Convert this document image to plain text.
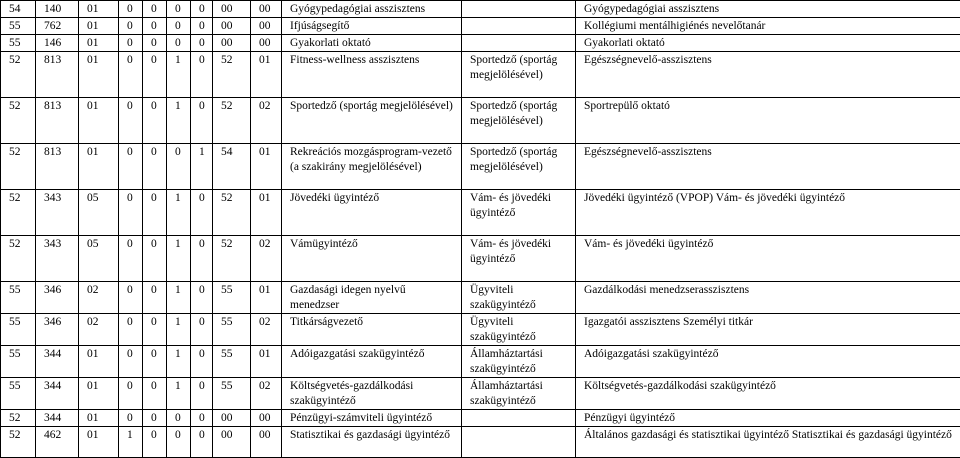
54	140	01	0	0	0	0	00	00	Gyógypedagógiai asszisztens		Gyógypedagógiai asszisztens
55	762	01	0	0	0	0	00	00	Ifjúságsegítő		Kollégiumi mentálhigiénés nevelőtanár
55	146	01	0	0	0	0	00	00	Gyakorlati oktató		Gyakorlati oktató
52	813	01	0	0	1	0	52	01	Fitness-wellness asszisztens	Sportedző (sportág megjelölésével)	Egészségnevelő-asszisztens
52	813	01	0	0	1	0	52	02	Sportedző (sportág megjelölésével)	Sportedző (sportág megjelölésével)	Sportrepülő oktató
52	813	01	0	0	0	1	54	01	Rekreációs mozgásprogram-vezető (a szakirány megjelölésével)	Sportedző (sportág megjelölésével)	Egészségnevelő-asszisztens
52	343	05	0	0	1	0	52	01	Jövedéki ügyintéző	Vám- és jövedéki ügyintéző	Jövedéki ügyintéző (VPOP) Vám- és jövedéki ügyintéző
52	343	05	0	0	1	0	52	02	Vámügyintéző	Vám- és jövedéki ügyintéző	Vám- és jövedéki ügyintéző
55	346	02	0	0	1	0	55	01	Gazdasági idegen nyelvű menedzser	Ügyviteli szakügyintéző	Gazdálkodási menedzserasszisztens
55	346	02	0	0	1	0	55	02	Titkárságvezető	Ügyviteli szakügyintéző	Igazgatói asszisztens Személyi titkár
55	344	01	0	0	1	0	55	01	Adóigazgatási szakügyintéző	Államháztartási szakügyintéző	Adóigazgatási szakügyintéző
55	344	01	0	0	1	0	55	02	Költségvetés-gazdálkodási szakügyintéző	Államháztartási szakügyintéző	Költségvetés-gazdálkodási szakügyintéző
52	344	01	0	0	0	0	00	00	Pénzügyi-számviteli ügyintéző		Pénzügyi ügyintéző
52	462	01	1	0	0	0	00	00	Statisztikai és gazdasági ügyintéző		Általános gazdasági és statisztikai ügyintéző Statisztikai és gazdasági ügyintéző
